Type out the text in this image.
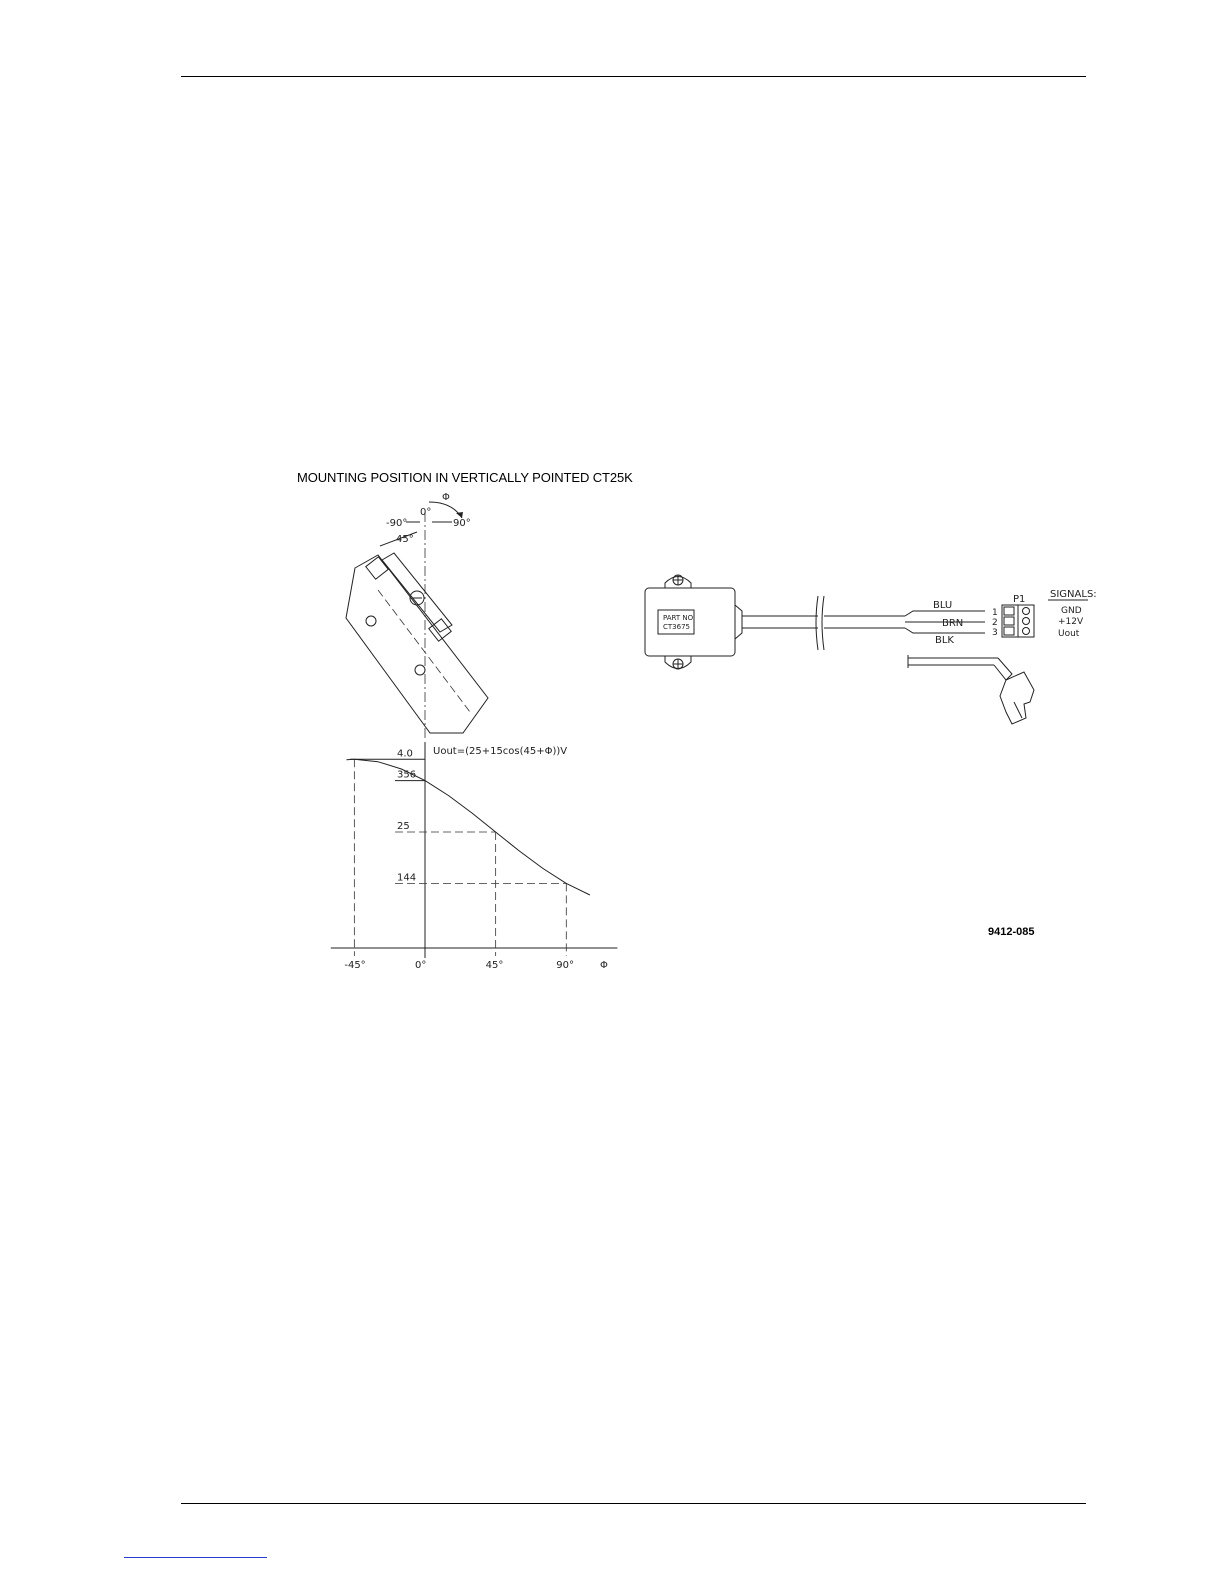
MOUNTING POSITION IN VERTICALLY POINTED CT25K
9412-085
Φ
0°
-90°	90°
45°
Uout=(25+15cos(45+Φ))V
Φ
4.0
356
25
144
-45°	0°	45°	90°
PART NO
CT3675
BLU
BRN
BLK
P1
1
2
3
SIGNALS:
GND
+12V
Uout
